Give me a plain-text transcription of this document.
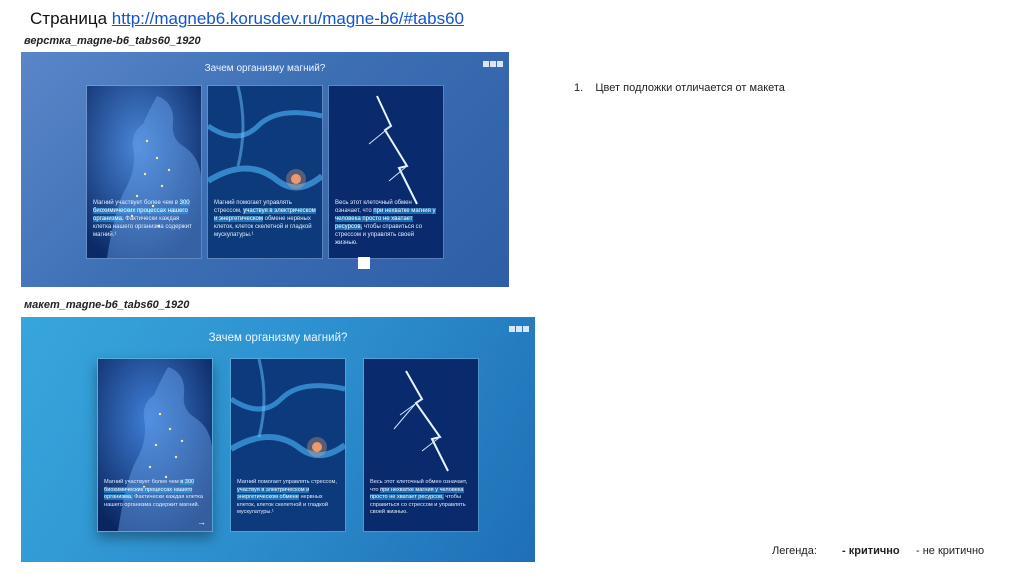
Страница http://magneb6.korusdev.ru/magne-b6/#tabs60
верстка_magne-b6_tabs60_1920
Зачем организму магний?
Магний участвует более чем в 300 биохимических процессах нашего организма. Фактически каждая клетка нашего организма содержит магний.¹
Магний помогает управлять стрессом, участвуя в электрическом и энергетическом обмене нервных клеток, клеток скелетной и гладкой мускулатуры.¹
Весь этот клеточный обмен означает, что при нехватке магния у человека просто не хватает ресурсов, чтобы справиться со стрессом и управлять своей жизнью.
макет_magne-b6_tabs60_1920
Зачем организму магний?
Магний участвует более чем в 300 биохимических процессах нашего организма. Фактически каждая клетка нашего организма содержит магний.
→
Магний помогает управлять стрессом, участвуя в электрическом и энергетическом обмене нервных клеток, клеток скелетной и гладкой мускулатуры.¹
Весь этот клеточный обмен означает, что при нехватке магния у человека просто не хватает ресурсов, чтобы справиться со стрессом и управлять своей жизнью.
1. Цвет подложки отличается от макета
Легенда: - критично - не критично
